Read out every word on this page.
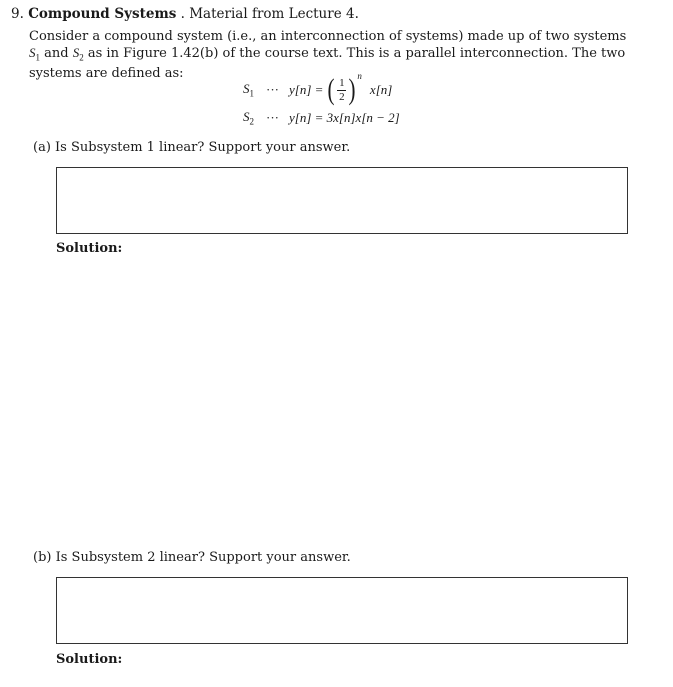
9. Compound Systems . Material from Lecture 4.
Consider a compound system (i.e., an interconnection of systems) made up of two systems $S_1$ and $S_2$ as in Figure 1.42(b) of the course text. This is a parallel interconnection. The two systems are defined as:
$S_1$ ··· y[n] = ( $\frac{1}{2}$ ) n
x[n]
$S_2$ ··· y[n] = 3x[n]x[n − 2]
(a) Is Subsystem 1 linear? Support your answer.
Solution:
(b) Is Subsystem 2 linear? Support your answer.
Solution:
